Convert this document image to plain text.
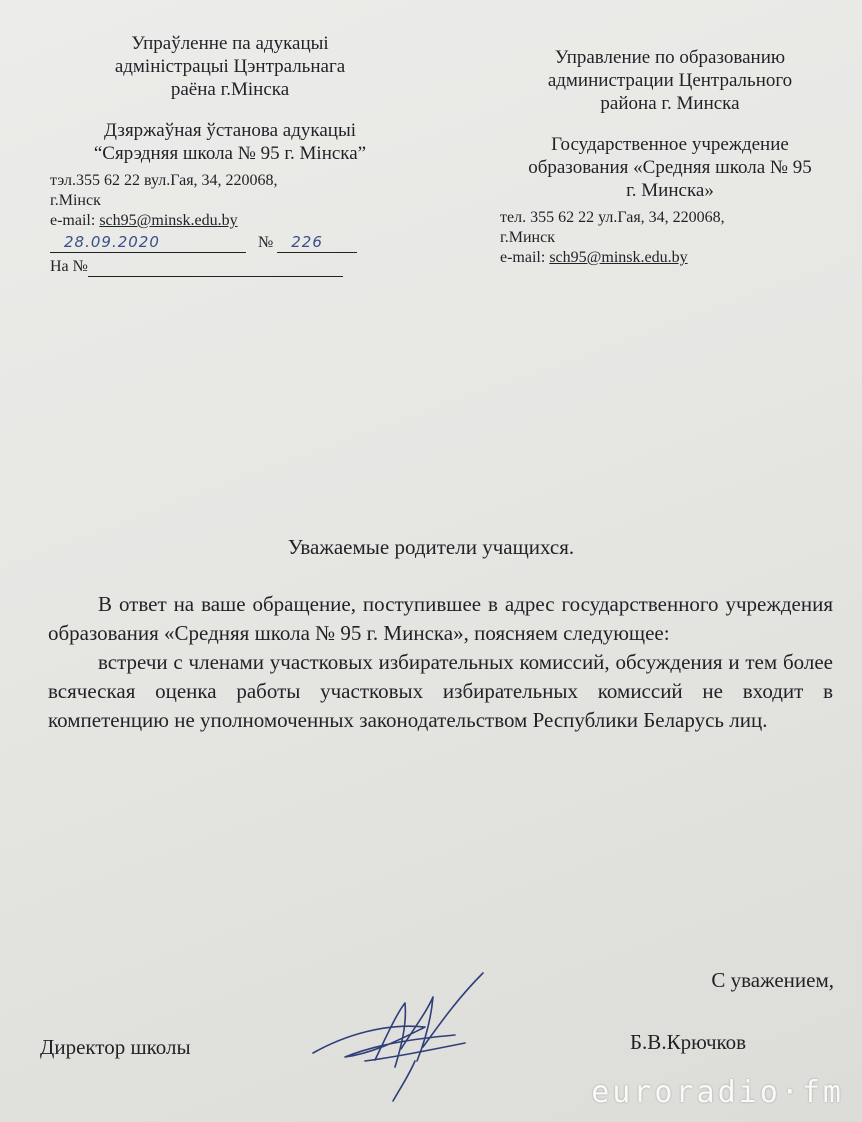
Упраўленне па адукацыі
адміністрацыі Цэнтральнага
раёна г.Мінска
Дзяржаўная ўстанова адукацыі
“Сярэдняя школа № 95 г. Мінска”
тэл.355 62 22 вул.Гая, 34, 220068,
г.Мінск
e-mail: sch95@minsk.edu.by
28.09.2020	№ 226
На №
Управление по образованию
администрации Центрального
района г. Минска
Государственное учреждение
образования «Средняя школа № 95
г. Минска»
тел. 355 62 22 ул.Гая, 34, 220068,
г.Минск
e-mail: sch95@minsk.edu.by
Уважаемые родители учащихся.

В ответ на ваше обращение, поступившее в адрес государственного учреждения образования «Средняя школа № 95 г. Минска», поясняем следующее:

встречи с членами участковых избирательных комиссий, обсуждения и тем более всяческая оценка работы участковых избирательных комиссий не входит в компетенцию не уполномоченных законодательством Республики Беларусь лиц.

С уважением,
Директор школы	Б.В.Крючков
euroradio·fm
